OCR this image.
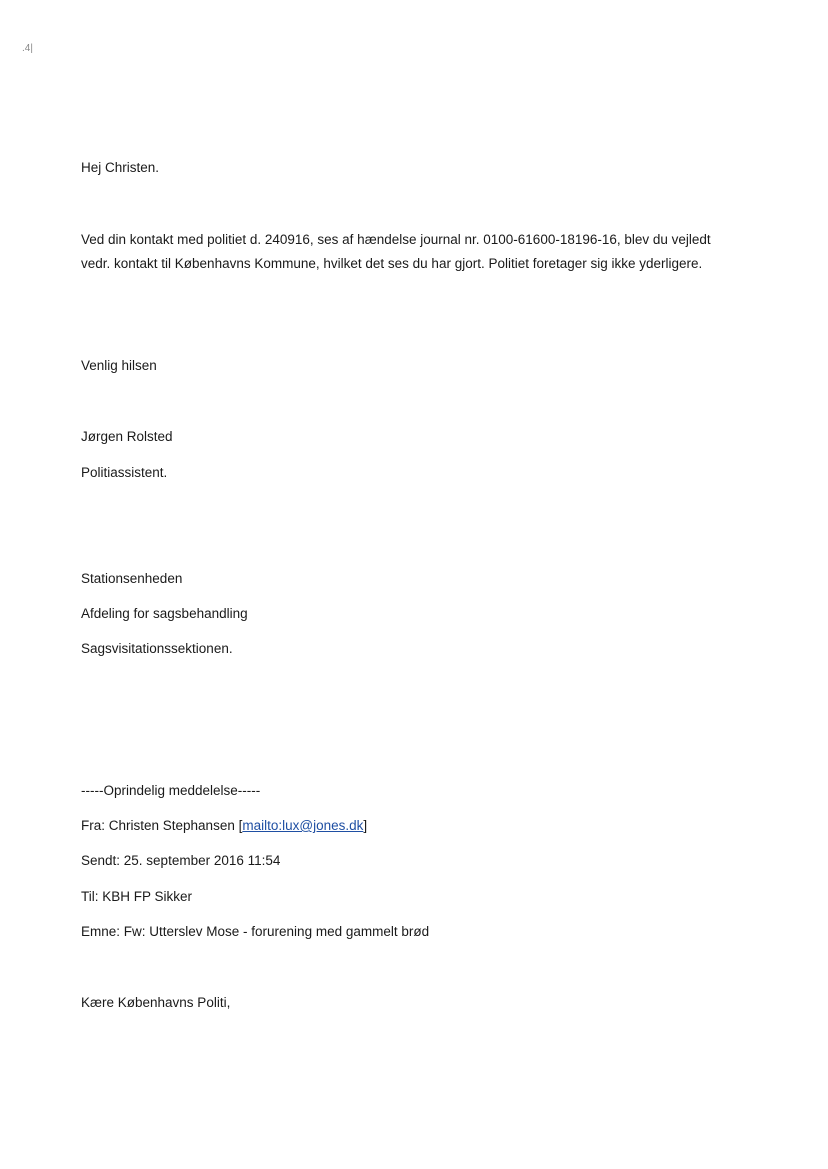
.4|
Hej Christen.
Ved din kontakt med politiet d. 240916, ses af hændelse journal nr. 0100-61600-18196-16, blev du vejledt
vedr. kontakt til Københavns Kommune, hvilket det ses du har gjort. Politiet foretager sig ikke yderligere.
Venlig hilsen
Jørgen Rolsted
Politiassistent.
Stationsenheden
Afdeling for sagsbehandling
Sagsvisitationssektionen.
-----Oprindelig meddelelse-----
Fra: Christen Stephansen [mailto:lux@jones.dk]
Sendt: 25. september 2016 11:54
Til: KBH FP Sikker
Emne: Fw: Utterslev Mose - forurening med gammelt brød
Kære Københavns Politi,
